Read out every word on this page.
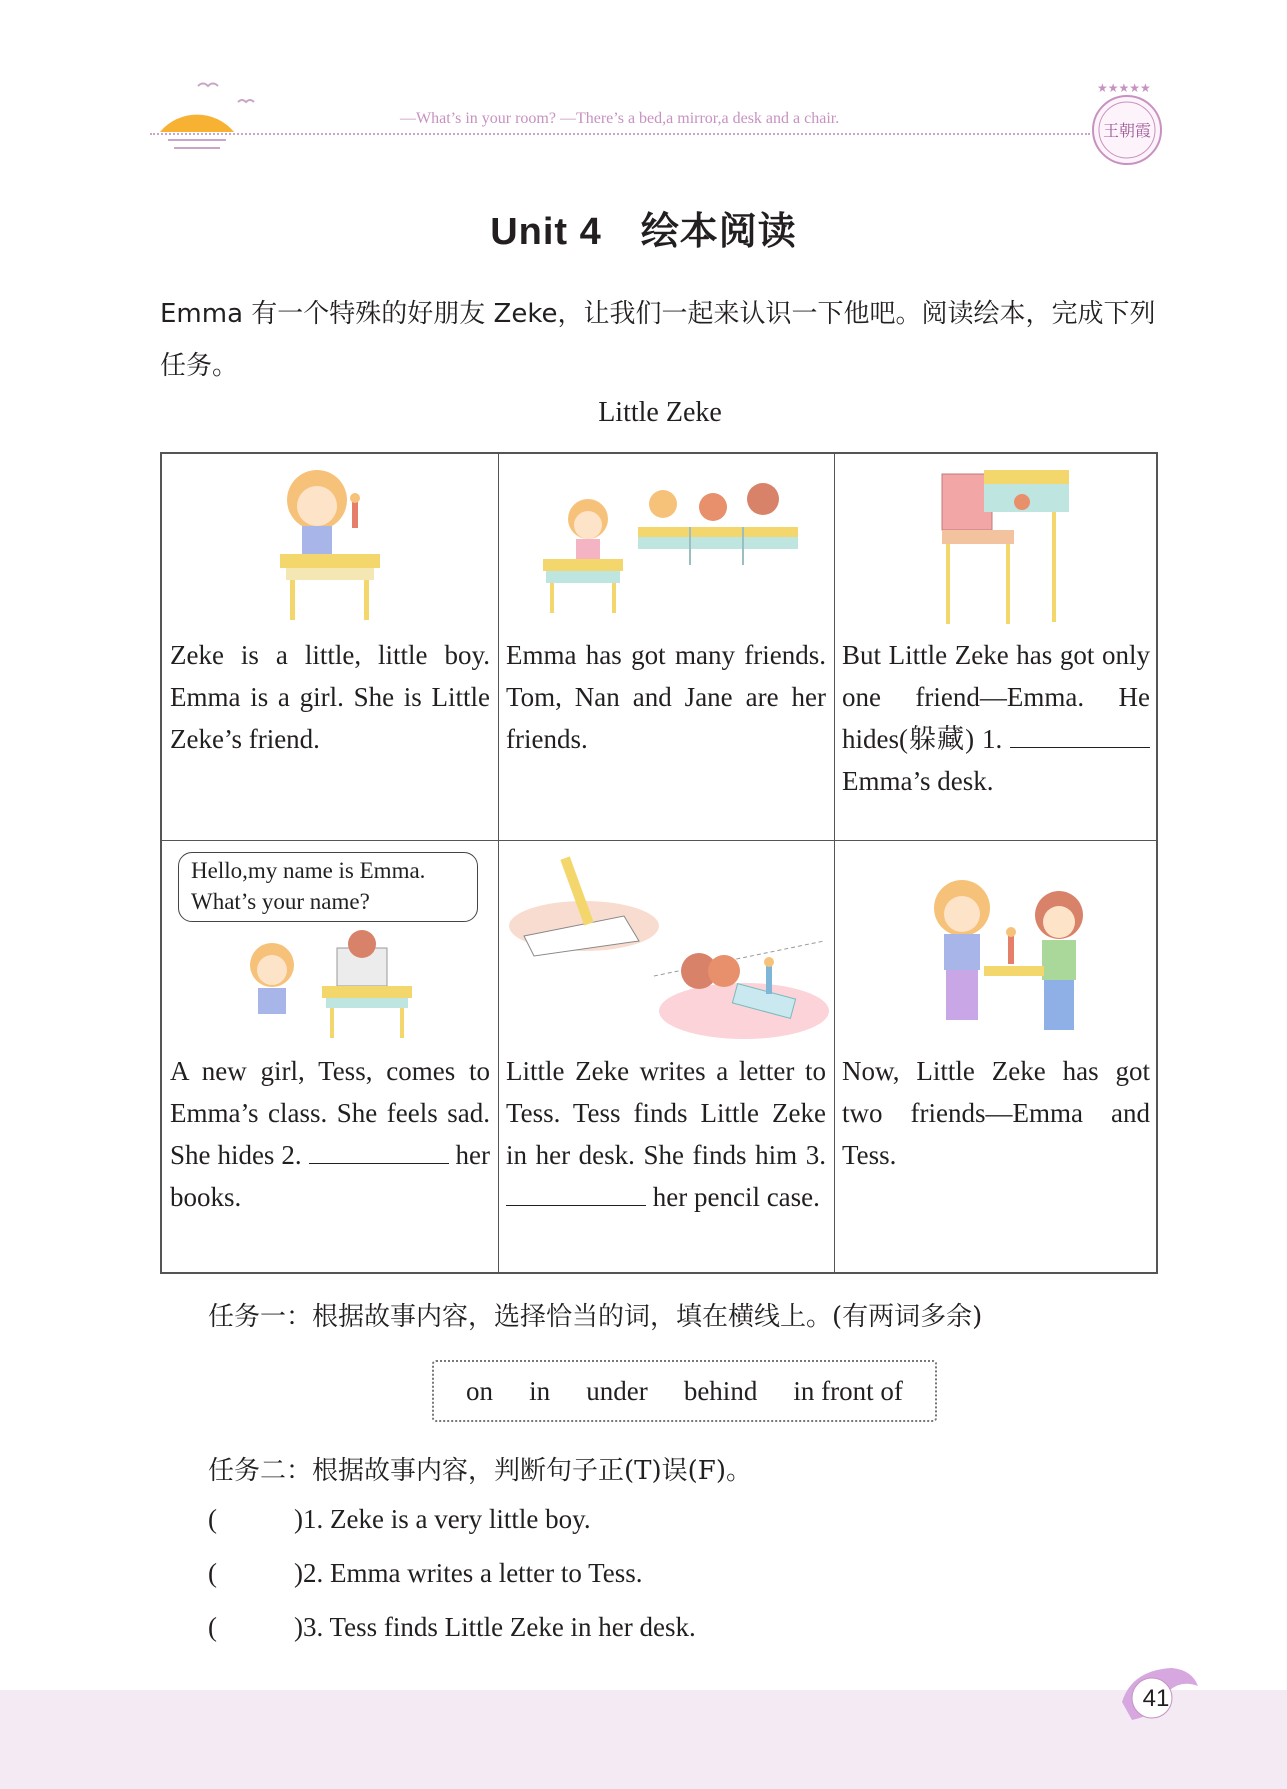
—What’s in your room? —There’s a bed,a mirror,a desk and a chair.
★★★★★
王朝霞
Unit 4　绘本阅读
Emma 有一个特殊的好朋友 Zeke，让我们一起来认识一下他吧。阅读绘本，完成下列任务。
Little Zeke
Zeke is a little, little boy. Emma is a girl. She is Little Zeke’s friend.
Emma has got many friends. Tom, Nan and Jane are her friends.
But Little Zeke has got only one friend—Emma. He hides(躲藏) 1.  Emma’s desk.
Hello,my name is Emma.
What’s your name?
A new girl, Tess, comes to Emma’s class. She feels sad. She hides 2.	her books.
Little Zeke writes a letter to Tess. Tess finds Little Zeke in her desk. She finds him 3.  her pencil case.
Now, Little Zeke has got two friends—Emma and Tess.
任务一：根据故事内容，选择恰当的词，填在横线上。(有两词多余)
on in under behind in front of
任务二：根据故事内容，判断句子正(T)误(F)。
(	)1. Zeke is a very little boy.
(	)2. Emma writes a letter to Tess.
(	)3. Tess finds Little Zeke in her desk.
41
